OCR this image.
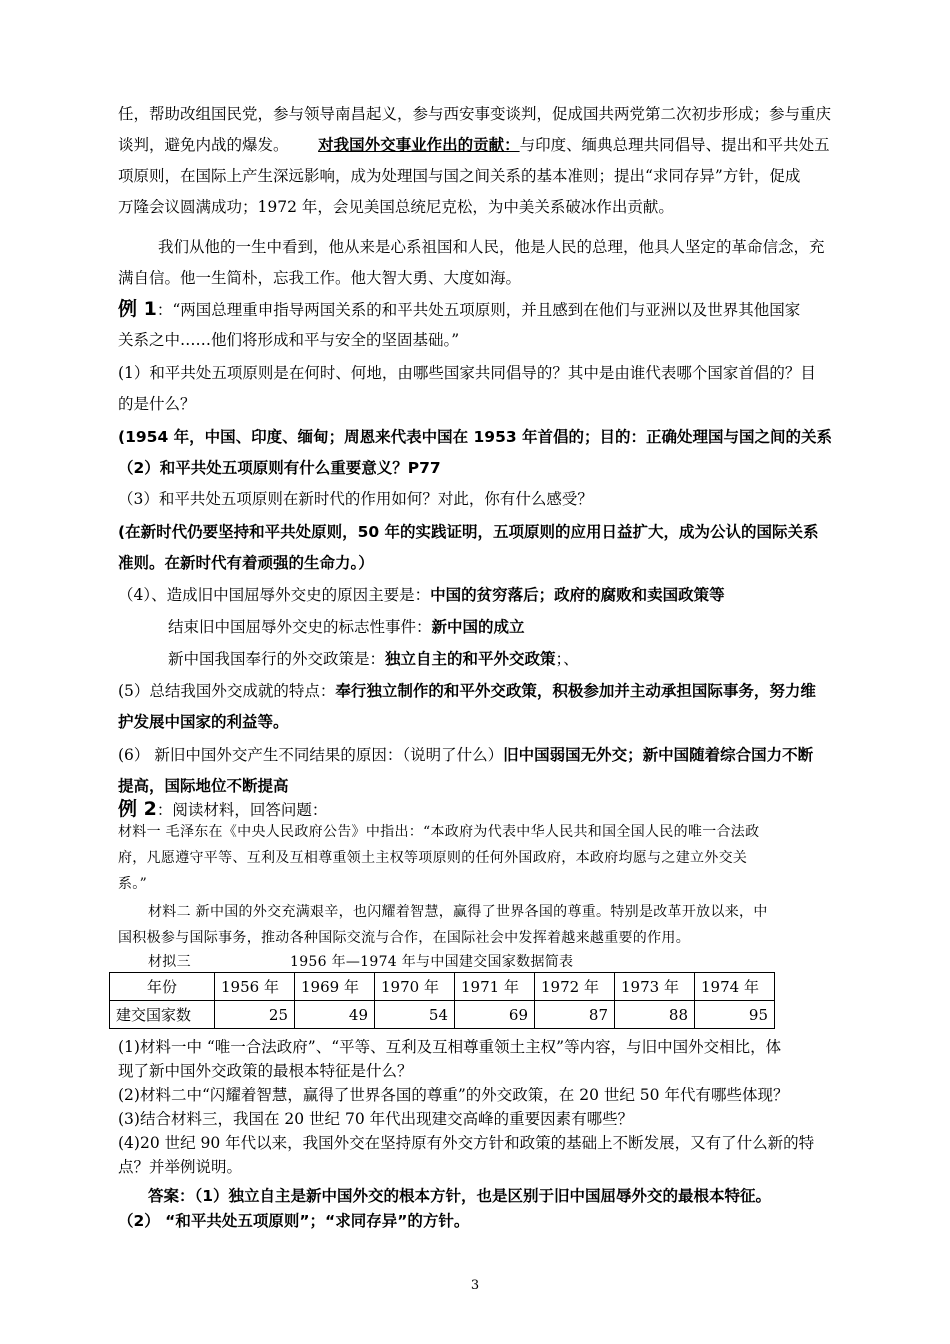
任，帮助改组国民党，参与领导南昌起义，参与西安事变谈判，促成国共两党第二次初步形成；参与重庆
谈判，避免内战的爆发。 对我国外交事业作出的贡献：与印度、缅典总理共同倡导、提出和平共处五
项原则，在国际上产生深远影响，成为处理国与国之间关系的基本准则；提出“求同存异”方针，促成
万隆会议圆满成功；1972 年，会见美国总统尼克松，为中美关系破冰作出贡献。
我们从他的一生中看到，他从来是心系祖国和人民，他是人民的总理，他具人坚定的革命信念，充
满自信。他一生简朴，忘我工作。他大智大勇、大度如海。
例 1：“两国总理重申指导两国关系的和平共处五项原则，并且感到在他们与亚洲以及世界其他国家
关系之中……他们将形成和平与安全的坚固基础。”
(1）和平共处五项原则是在何时、何地，由哪些国家共同倡导的？其中是由谁代表哪个国家首倡的？目
的是什么？
(1954 年，中国、印度、缅甸；周恩来代表中国在 1953 年首倡的；目的：正确处理国与国之间的关系
（2）和平共处五项原则有什么重要意义？P77
（3）和平共处五项原则在新时代的作用如何？对此，你有什么感受？
(在新时代仍要坚持和平共处原则，50 年的实践证明，五项原则的应用日益扩大，成为公认的国际关系
准则。在新时代有着顽强的生命力。）
（4）、造成旧中国屈辱外交史的原因主要是：中国的贫穷落后；政府的腐败和卖国政策等
结束旧中国屈辱外交史的标志性事件：新中国的成立
新中国我国奉行的外交政策是：独立自主的和平外交政策；、
(5）总结我国外交成就的特点：奉行独立制作的和平外交政策，积极参加并主动承担国际事务，努力维
护发展中国家的利益等。
(6） 新旧中国外交产生不同结果的原因：（说明了什么）旧中国弱国无外交；新中国随着综合国力不断
提高，国际地位不断提高
例 2：阅读材料，回答问题：
材料一 毛泽东在《中央人民政府公告》中指出：“本政府为代表中华人民共和国全国人民的唯一合法政
府，凡愿遵守平等、互利及互相尊重领土主权等项原则的任何外国政府，本政府均愿与之建立外交关
系。”
材料二 新中国的外交充满艰辛，也闪耀着智慧，赢得了世界各国的尊重。特别是改革开放以来，中
国积极参与国际事务，推动各种国际交流与合作，在国际社会中发挥着越来越重要的作用。
材拟三	1956 年—1974 年与中国建交国家数据简表
年份	1956 年	1969 年	1970 年	1971 年	1972 年	1973 年	1974 年
建交国家数	25	49	54	69	87	88	95
(1)材料一中 “唯一合法政府”、“平等、互利及互相尊重领土主权”等内容，与旧中国外交相比，体
现了新中国外交政策的最根本特征是什么？
(2)材料二中“闪耀着智慧，赢得了世界各国的尊重”的外交政策，在 20 世纪 50 年代有哪些体现？
(3)结合材料三，我国在 20 世纪 70 年代出现建交高峰的重要因素有哪些？
(4)20 世纪 90 年代以来，我国外交在坚持原有外交方针和政策的基础上不断发展，又有了什么新的特
点？并举例说明。
答案：（1）独立自主是新中国外交的根本方针，也是区别于旧中国屈辱外交的最根本特征。
（2） “和平共处五项原则”；“求同存异”的方针。
3
